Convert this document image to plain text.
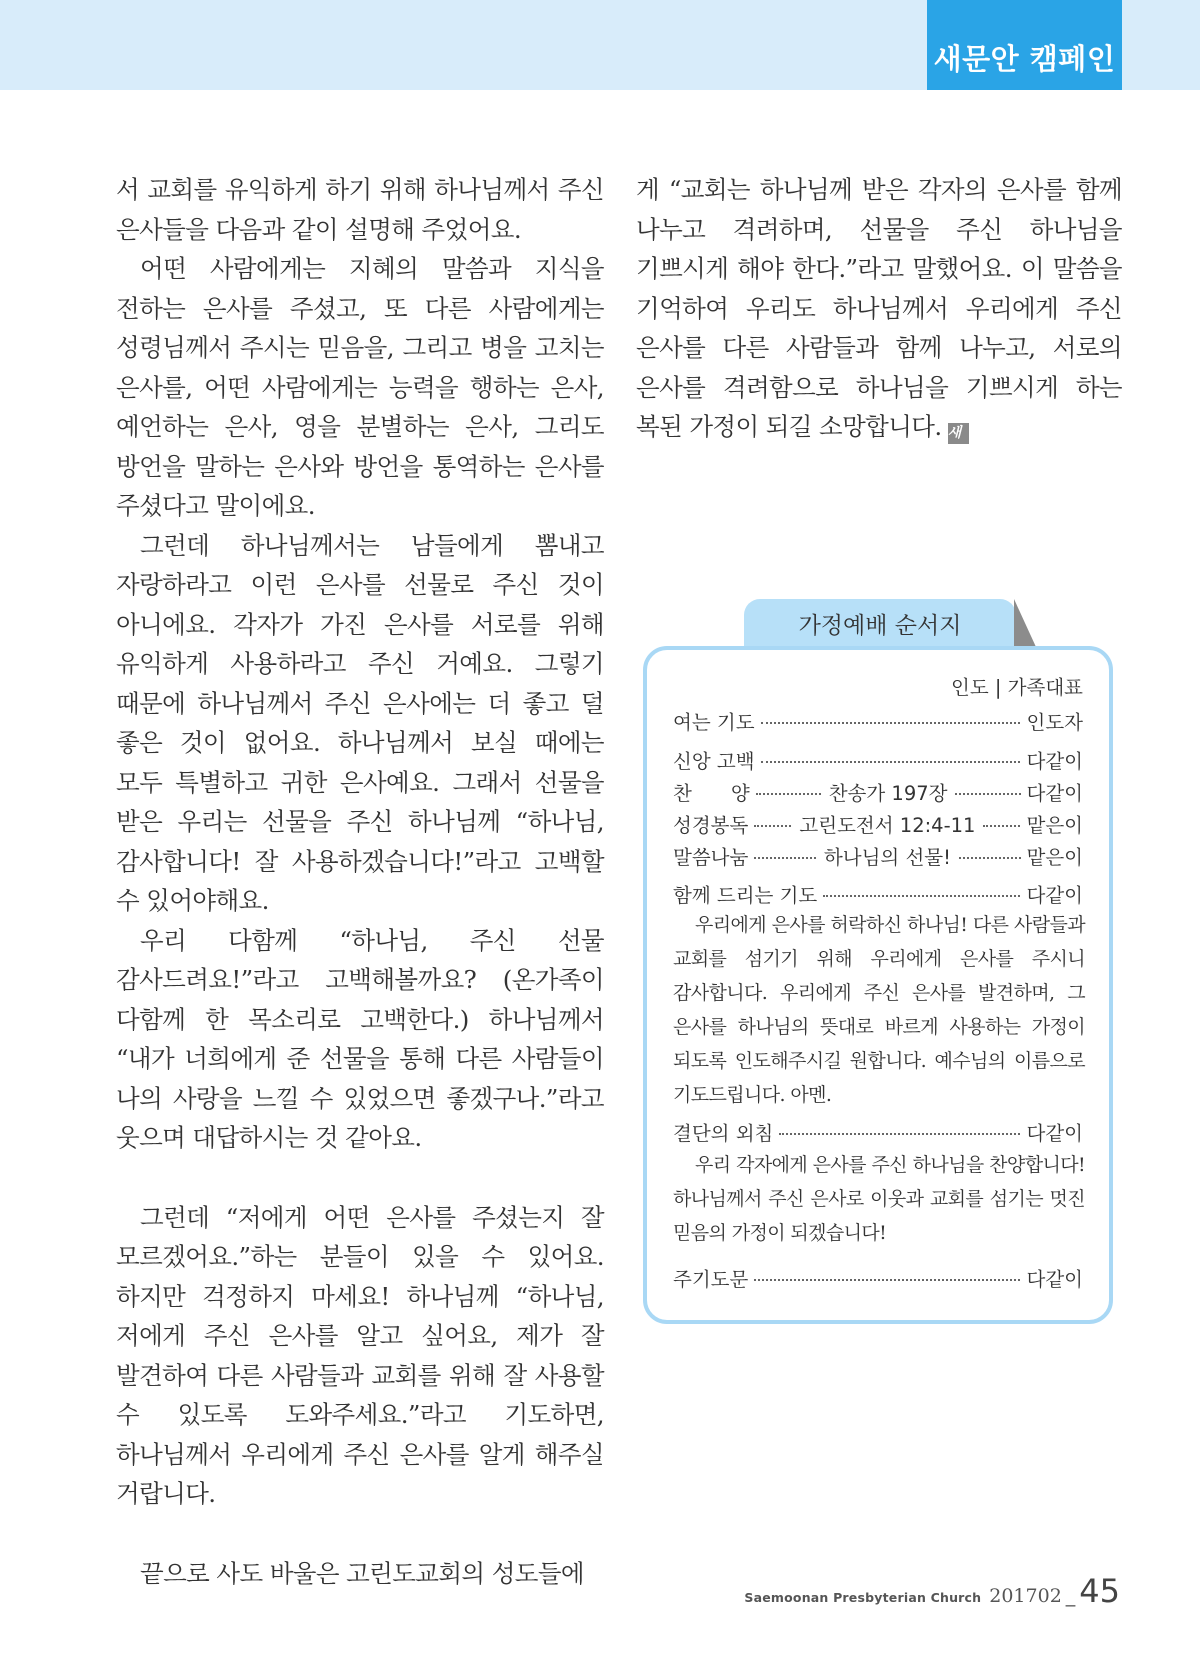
새문안 캠페인

서 교회를 유익하게 하기 위해 하나님께서 주신 은사들을 다음과 같이 설명해 주었어요.

어떤 사람에게는 지혜의 말씀과 지식을 전하는 은사를 주셨고, 또 다른 사람에게는 성령님께서 주시는 믿음을, 그리고 병을 고치는 은사를, 어떤 사람에게는 능력을 행하는 은사, 예언하는 은사, 영을 분별하는 은사, 그리도 방언을 말하는 은사와 방언을 통역하는 은사를 주셨다고 말이에요.

그런데 하나님께서는 남들에게 뽐내고 자랑하라고 이런 은사를 선물로 주신 것이 아니에요. 각자가 가진 은사를 서로를 위해 유익하게 사용하라고 주신 거예요. 그렇기 때문에 하나님께서 주신 은사에는 더 좋고 덜 좋은 것이 없어요. 하나님께서 보실 때에는 모두 특별하고 귀한 은사예요. 그래서 선물을 받은 우리는 선물을 주신 하나님께 “하나님, 감사합니다! 잘 사용하겠습니다!”라고 고백할 수 있어야해요.

우리 다함께 “하나님, 주신 선물 감사드려요!”라고 고백해볼까요? (온가족이 다함께 한 목소리로 고백한다.) 하나님께서 “내가 너희에게 준 선물을 통해 다른 사람들이 나의 사랑을 느낄 수 있었으면 좋겠구나.”라고 웃으며 대답하시는 것 같아요.

그런데 “저에게 어떤 은사를 주셨는지 잘 모르겠어요.”하는 분들이 있을 수 있어요. 하지만 걱정하지 마세요! 하나님께 “하나님, 저에게 주신 은사를 알고 싶어요, 제가 잘 발견하여 다른 사람들과 교회를 위해 잘 사용할 수 있도록 도와주세요.”라고 기도하면, 하나님께서 우리에게 주신 은사를 알게 해주실 거랍니다.

끝으로 사도 바울은 고린도교회의 성도들에

게 “교회는 하나님께 받은 각자의 은사를 함께 나누고 격려하며, 선물을 주신 하나님을 기쁘시게 해야 한다.”라고 말했어요. 이 말씀을 기억하여 우리도 하나님께서 우리에게 주신 은사를 다른 사람들과 함께 나누고, 서로의 은사를 격려함으로 하나님을 기쁘시게 하는 복된 가정이 되길 소망합니다. 새

가정예배 순서지
인도 | 가족대표
여는 기도	인도자
신앙 고백	다같이
찬　　양	찬송가 197장	다같이
성경봉독	고린도전서 12:4-11	맡은이
말씀나눔	하나님의 선물!	맡은이
함께 드리는 기도	다같이

우리에게 은사를 허락하신 하나님! 다른 사람들과 교회를 섬기기 위해 우리에게 은사를 주시니 감사합니다. 우리에게 주신 은사를 발견하며, 그 은사를 하나님의 뜻대로 바르게 사용하는 가정이 되도록 인도해주시길 원합니다. 예수님의 이름으로 기도드립니다. 아멘.

결단의 외침	다같이

우리 각자에게 은사를 주신 하나님을 찬양합니다! 하나님께서 주신 은사로 이웃과 교회를 섬기는 멋진 믿음의 가정이 되겠습니다!

주기도문	다같이
Saemoonan Presbyterian Church 201702 _ 45
